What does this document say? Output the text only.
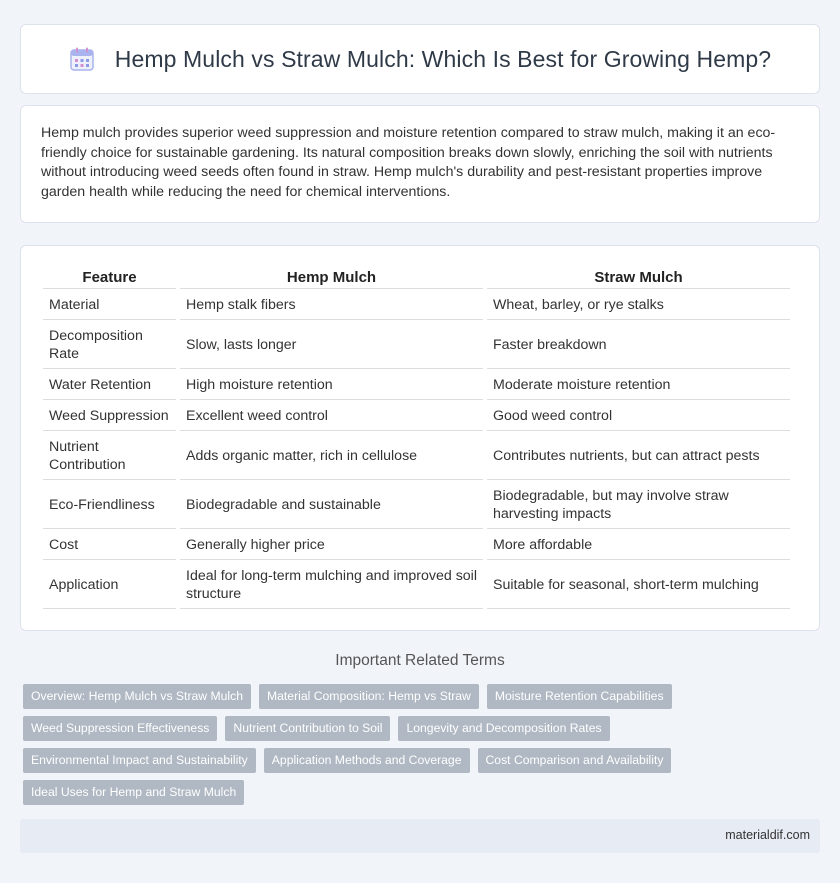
Hemp Mulch vs Straw Mulch: Which Is Best for Growing Hemp?

Hemp mulch provides superior weed suppression and moisture retention compared to straw mulch, making it an eco-friendly choice for sustainable gardening. Its natural composition breaks down slowly, enriching the soil with nutrients without introducing weed seeds often found in straw. Hemp mulch's durability and pest-resistant properties improve garden health while reducing the need for chemical interventions.

Feature	Hemp Mulch	Straw Mulch
Material	Hemp stalk fibers	Wheat, barley, or rye stalks
Decomposition Rate	Slow, lasts longer	Faster breakdown
Water Retention	High moisture retention	Moderate moisture retention
Weed Suppression	Excellent weed control	Good weed control
Nutrient Contribution	Adds organic matter, rich in cellulose	Contributes nutrients, but can attract pests
Eco-Friendliness	Biodegradable and sustainable	Biodegradable, but may involve straw harvesting impacts
Cost	Generally higher price	More affordable
Application	Ideal for long-term mulching and improved soil structure	Suitable for seasonal, short-term mulching
Important Related Terms
Overview: Hemp Mulch vs Straw Mulch	Material Composition: Hemp vs Straw	Moisture Retention Capabilities
Weed Suppression Effectiveness	Nutrient Contribution to Soil	Longevity and Decomposition Rates
Environmental Impact and Sustainability	Application Methods and Coverage	Cost Comparison and Availability
Ideal Uses for Hemp and Straw Mulch
materialdif.com
